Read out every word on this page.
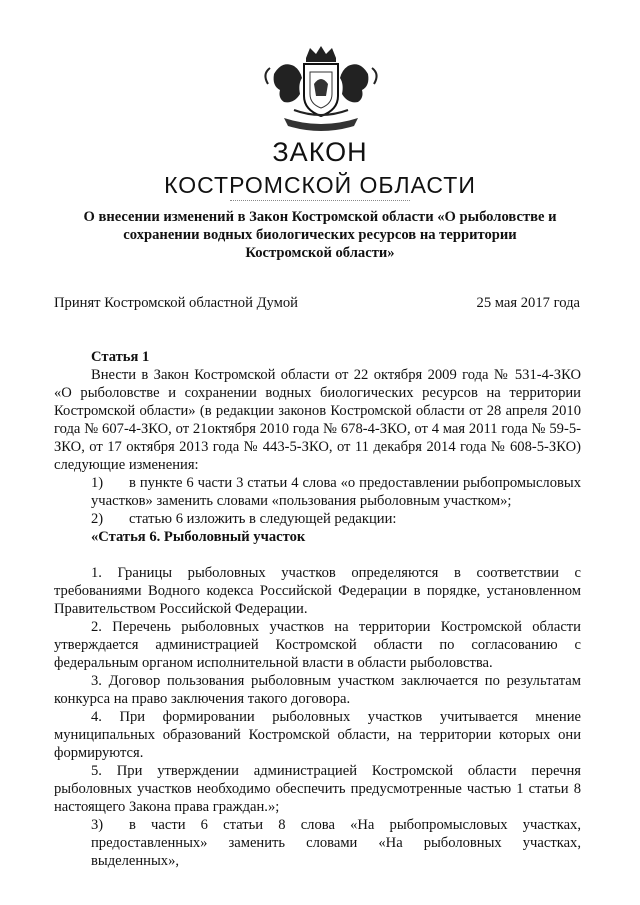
ЗАКОН
КОСТРОМСКОЙ ОБЛАСТИ
О внесении изменений в Закон Костромской области «О рыболовстве и
сохранении водных биологических ресурсов на территории
Костромской области»
Принят Костромской областной Думой	25 мая 2017 года

Статья 1

Внести в Закон Костромской области от 22 октября 2009 года № 531-4-ЗКО «О рыболовстве и сохранении водных биологических ресурсов на территории Костромской области» (в редакции законов Костромской области от 28 апреля 2010 года № 607-4-ЗКО, от 21октября 2010 года № 678-4-ЗКО, от 4 мая 2011 года № 59-5-ЗКО, от 17 октября 2013 года № 443-5-ЗКО, от 11 декабря 2014 года № 608-5-ЗКО) следующие изменения:

1) в пункте 6 части 3 статьи 4 слова «о предоставлении рыбопромысловых участков» заменить словами «пользования рыболовным участком»;

2) статью 6 изложить в следующей редакции:

«Статья 6. Рыболовный участок

1. Границы рыболовных участков определяются в соответствии с требованиями Водного кодекса Российской Федерации в порядке, установленном Правительством Российской Федерации.

2. Перечень рыболовных участков на территории Костромской области утверждается администрацией Костромской области по согласованию с федеральным органом исполнительной власти в области рыболовства.

3. Договор пользования рыболовным участком заключается по результатам конкурса на право заключения такого договора.

4. При формировании рыболовных участков учитывается мнение муниципальных образований Костромской области, на территории которых они формируются.

5. При утверждении администрацией Костромской области перечня рыболовных участков необходимо обеспечить предусмотренные частью 1 статьи 8 настоящего Закона права граждан.»;

3) в части 6 статьи 8 слова «На рыбопромысловых участках, предоставленных» заменить словами «На рыболовных участках, выделенных»,
